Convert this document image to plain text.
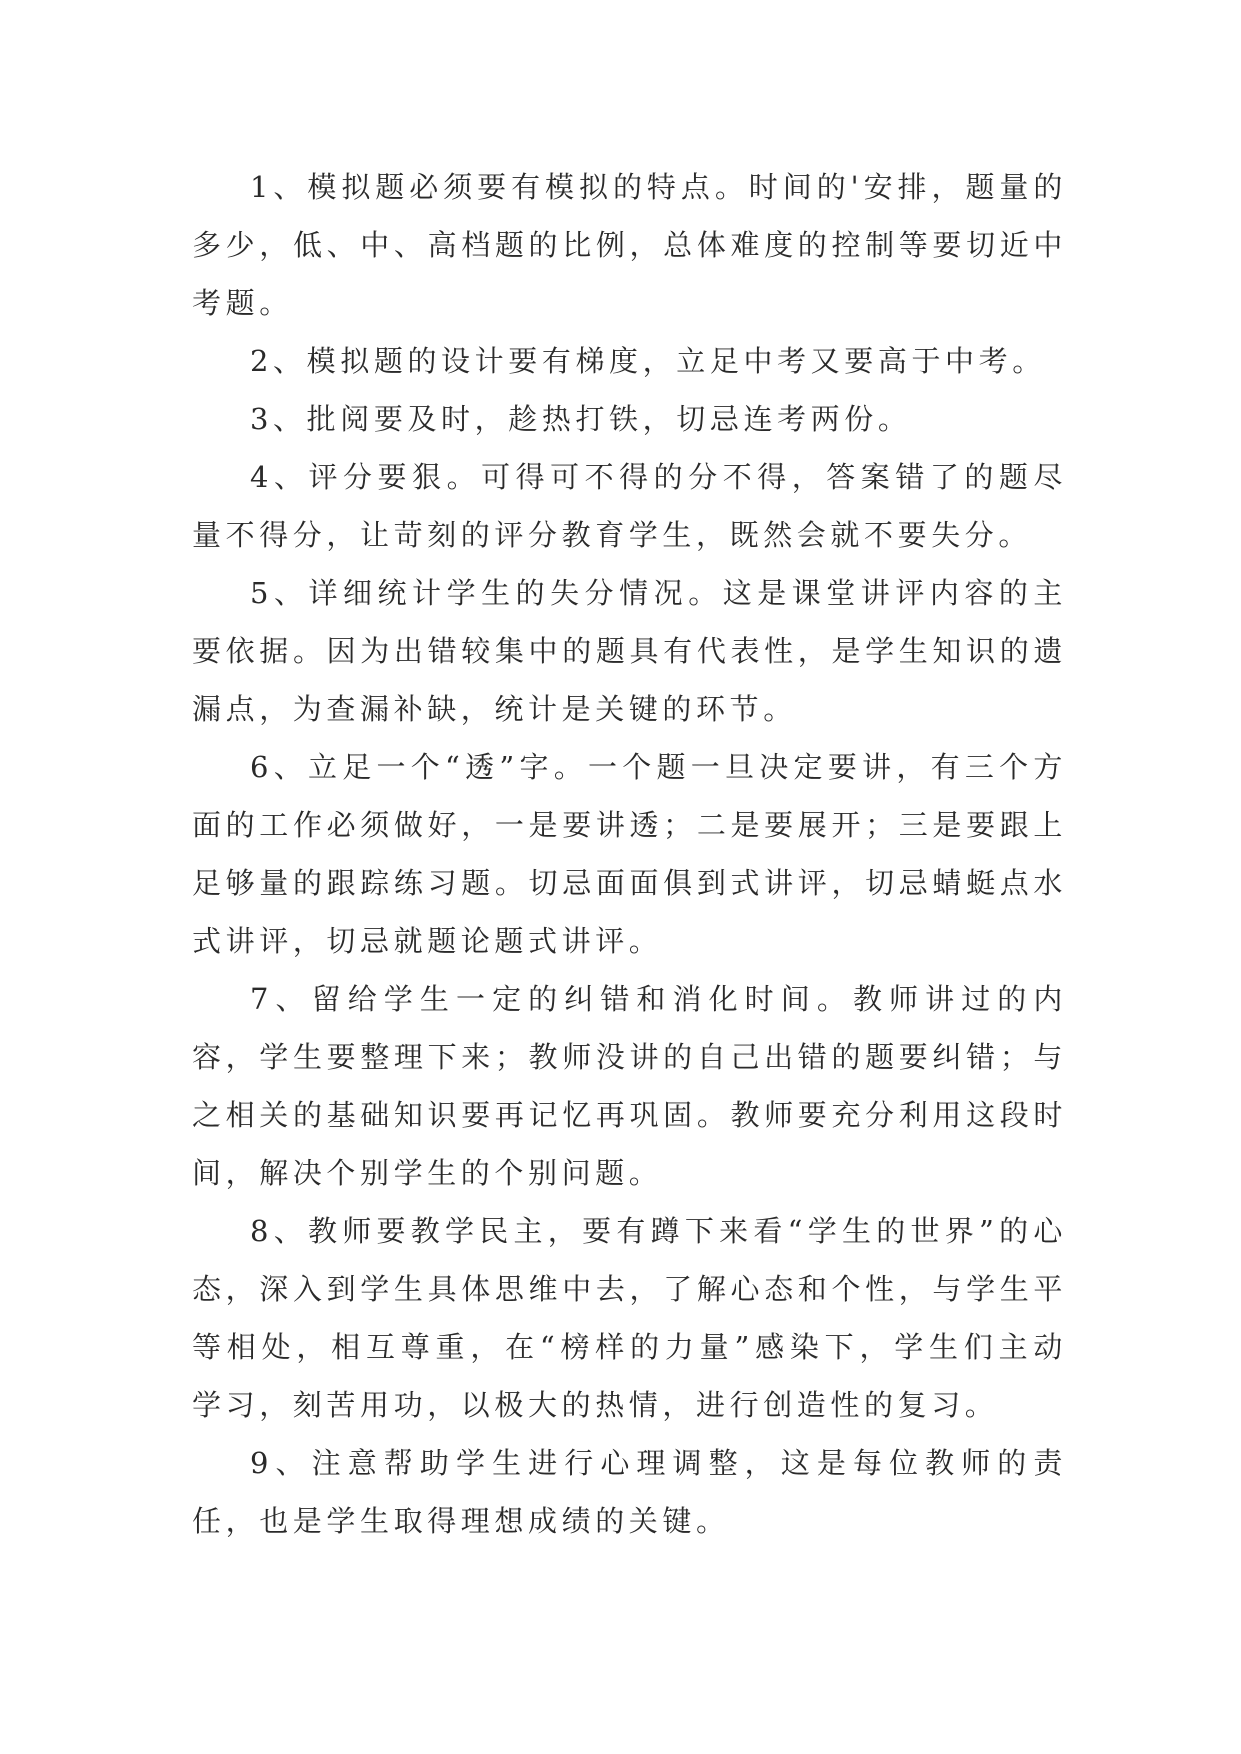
1、模拟题必须要有模拟的特点。时间的'安排，题量的多少，低、中、高档题的比例，总体难度的控制等要切近中考题。

2、模拟题的设计要有梯度，立足中考又要高于中考。

3、批阅要及时，趁热打铁，切忌连考两份。

4、评分要狠。可得可不得的分不得，答案错了的题尽量不得分，让苛刻的评分教育学生，既然会就不要失分。

5、详细统计学生的失分情况。这是课堂讲评内容的主要依据。因为出错较集中的题具有代表性，是学生知识的遗漏点，为查漏补缺，统计是关键的环节。

6、立足一个“透”字。一个题一旦决定要讲，有三个方面的工作必须做好，一是要讲透；二是要展开；三是要跟上足够量的跟踪练习题。切忌面面俱到式讲评，切忌蜻蜓点水式讲评，切忌就题论题式讲评。

7、留给学生一定的纠错和消化时间。教师讲过的内容，学生要整理下来；教师没讲的自己出错的题要纠错；与之相关的基础知识要再记忆再巩固。教师要充分利用这段时间，解决个别学生的个别问题。

8、教师要教学民主，要有蹲下来看“学生的世界”的心态，深入到学生具体思维中去，了解心态和个性，与学生平等相处，相互尊重，在“榜样的力量”感染下，学生们主动学习，刻苦用功，以极大的热情，进行创造性的复习。

9、注意帮助学生进行心理调整，这是每位教师的责任，也是学生取得理想成绩的关键。
